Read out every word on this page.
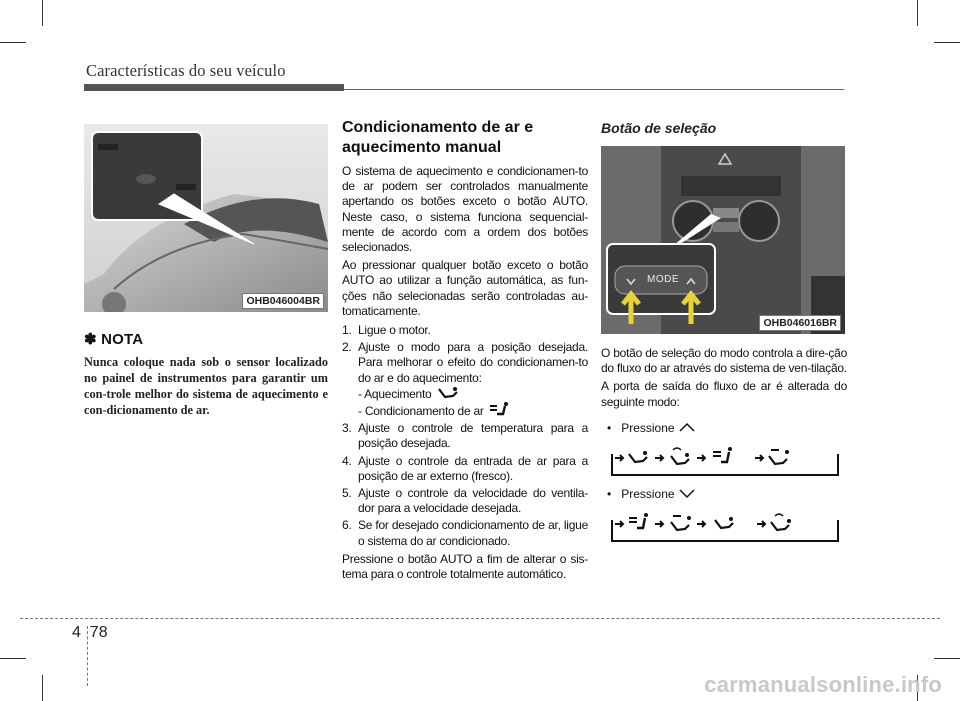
Características do seu veículo
OHB046004BR
✽ NOTA
Nunca coloque nada sob o sensor localizado no painel de instrumentos para garantir um con-trole melhor do sistema de aquecimento e con-dicionamento de ar.
Condicionamento de ar e aquecimento manual

O sistema de aquecimento e condicionamen-to de ar podem ser controlados manualmente apertando os botões exceto o botão AUTO. Neste caso, o sistema funciona sequencial-mente de acordo com a ordem dos botões selecionados.

Ao pressionar qualquer botão exceto o botão AUTO ao utilizar a função automática, as fun-ções não selecionadas serão controladas au-tomaticamente.

1. Ligue o motor.
2. Ajuste o modo para a posição desejada. Para melhorar o efeito do condicionamen-to do ar e do aquecimento:
- Aquecimento
- Condicionamento de ar
3. Ajuste o controle de temperatura para a posição desejada.
4. Ajuste o controle da entrada de ar para a posição de ar externo (fresco).
5. Ajuste o controle da velocidade do ventila-dor para a velocidade desejada.
6. Se for desejado condicionamento de ar, ligue o sistema do ar condicionado.

Pressione o botão AUTO a fim de alterar o sis-tema para o controle totalmente automático.

Botão de seleção
MODE
OHB046016BR

O botão de seleção do modo controla a dire-ção do fluxo do ar através do sistema de ven-tilação.

A porta de saída do fluxo de ar é alterada do seguinte modo:

•   Pressione
•   Pressione
4 78
carmanualsonline.info
